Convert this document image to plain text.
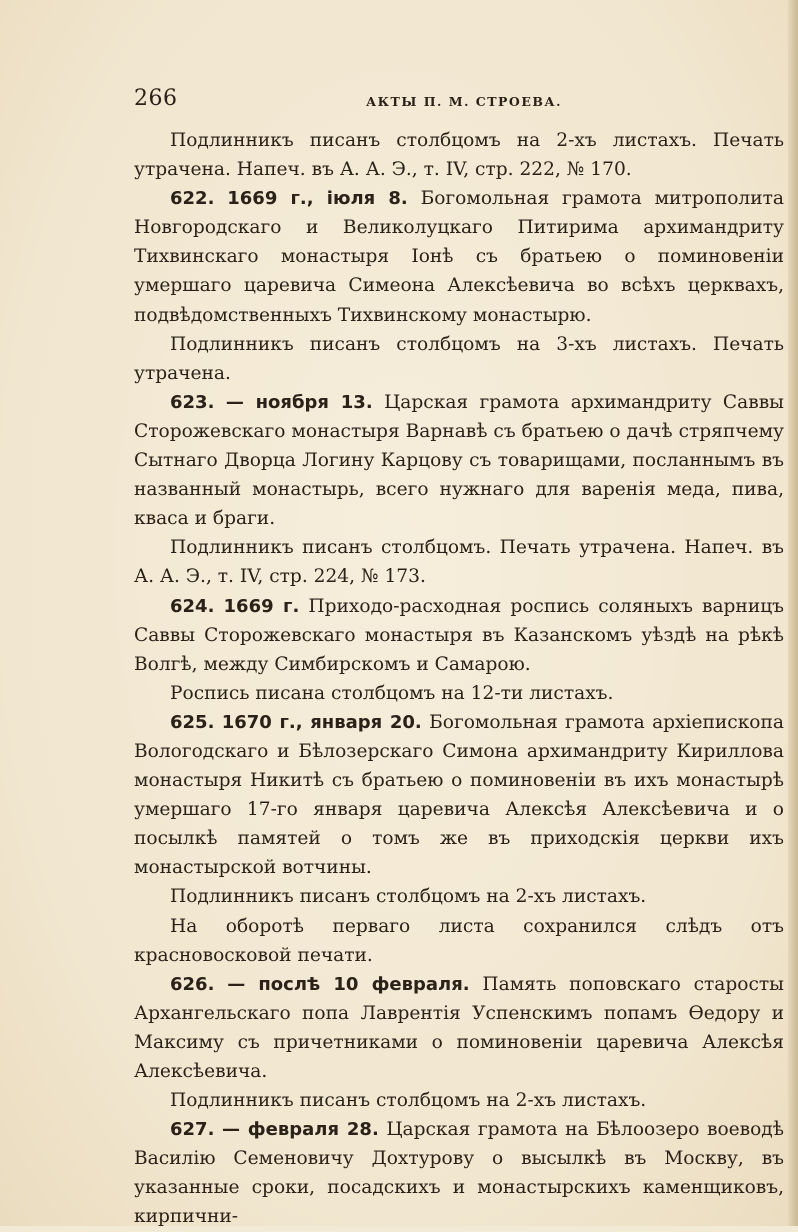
266	АКТЫ П. М. СТРОЕВА.

Подлинникъ писанъ столбцомъ на 2-хъ листахъ. Печать утрачена. Напеч. въ А. А. Э., т. IV, стр. 222, № 170.

622. 1669 г., іюля 8. Богомольная грамота митрополита Новгородскаго и Великолуцкаго Питирима архимандриту Тихвинскаго монастыря Іонѣ съ братьею о поминовеніи умершаго царевича Симеона Алексѣевича во всѣхъ церквахъ, подвѣдомственныхъ Тихвинскому монастырю.

Подлинникъ писанъ столбцомъ на 3-хъ листахъ. Печать утрачена.

623. — ноября 13. Царская грамота архимандриту Саввы Сторожевскаго монастыря Варнавѣ съ братьею о дачѣ стряпчему Сытнаго Дворца Логину Карцову съ товарищами, посланнымъ въ названный монастырь, всего нужнаго для варенія меда, пива, кваса и браги.

Подлинникъ писанъ столбцомъ. Печать утрачена. Напеч. въ А. А. Э., т. IV, стр. 224, № 173.

624. 1669 г. Приходо-расходная роспись соляныхъ варницъ Саввы Сторожевскаго монастыря въ Казанскомъ уѣздѣ на рѣкѣ Волгѣ, между Симбирскомъ и Самарою.

Роспись писана столбцомъ на 12-ти листахъ.

625. 1670 г., января 20. Богомольная грамота архіепископа Вологодскаго и Бѣлозерскаго Симона архимандриту Кириллова монастыря Никитѣ съ братьею о поминовеніи въ ихъ монастырѣ умершаго 17-го января царевича Алексѣя Алексѣевича и о посылкѣ памятей о томъ же въ приходскія церкви ихъ монастырской вотчины.

Подлинникъ писанъ столбцомъ на 2-хъ листахъ.

На оборотѣ перваго листа сохранился слѣдъ отъ красновосковой печати.

626. — послѣ 10 февраля. Память поповскаго старосты Архангельскаго попа Лаврентія Успенскимъ попамъ Ѳедору и Максиму съ причетниками о поминовеніи царевича Алексѣя Алексѣевича.

Подлинникъ писанъ столбцомъ на 2-хъ листахъ.

627. — февраля 28. Царская грамота на Бѣлоозеро воеводѣ Василію Семеновичу Дохтурову о высылкѣ въ Москву, въ указанные сроки, посадскихъ и монастырскихъ каменщиковъ, кирпични-
